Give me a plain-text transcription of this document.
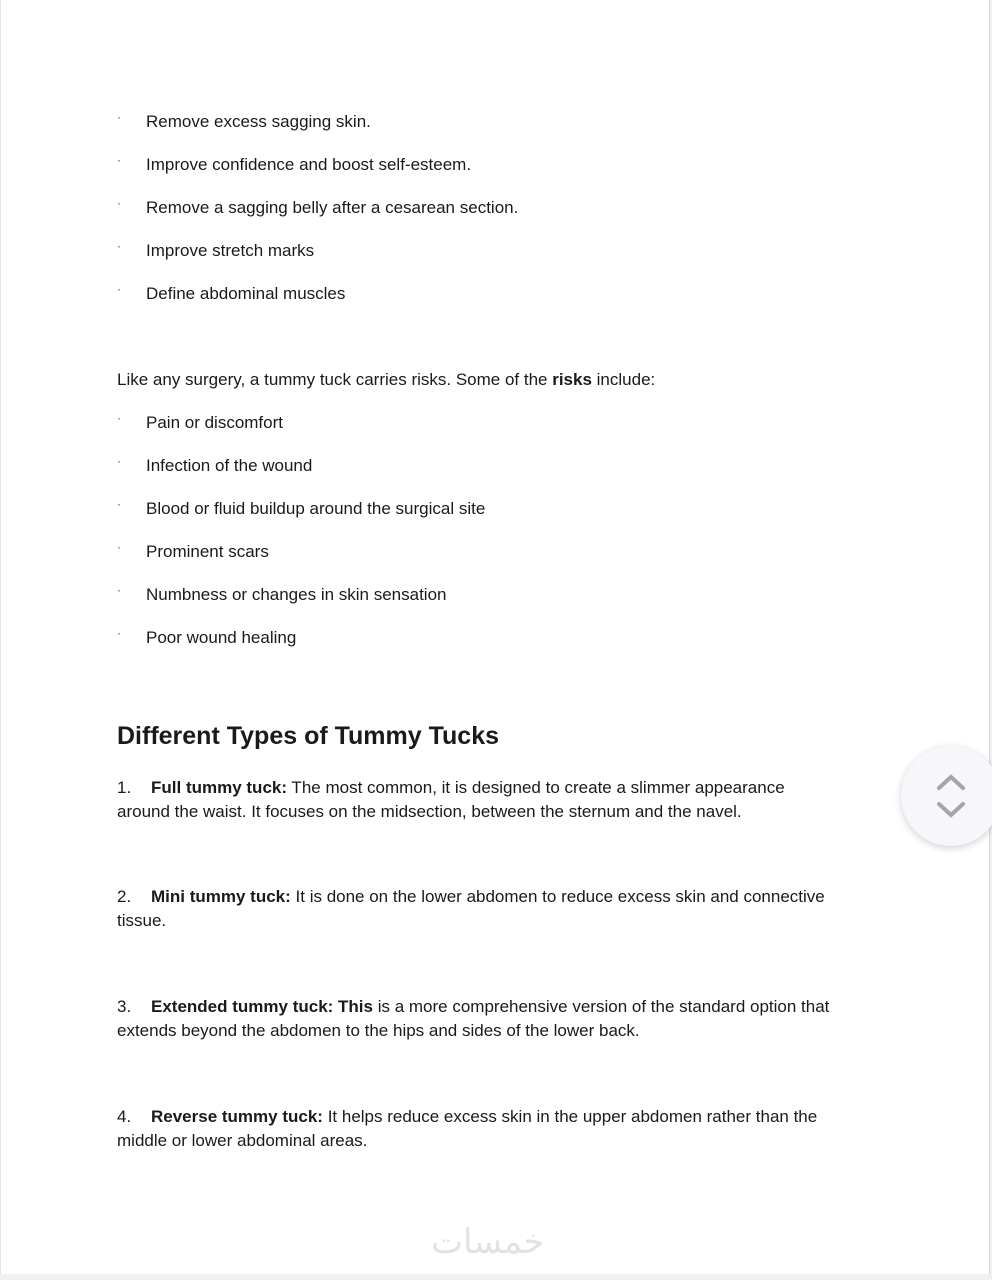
· Remove excess sagging skin.
· Improve confidence and boost self-esteem.
· Remove a sagging belly after a cesarean section.
· Improve stretch marks
· Define abdominal muscles
Like any surgery, a tummy tuck carries risks. Some of the risks include:
· Pain or discomfort
· Infection of the wound
· Blood or fluid buildup around the surgical site
· Prominent scars
· Numbness or changes in skin sensation
· Poor wound healing
Different Types of Tummy Tucks
1. Full tummy tuck: The most common, it is designed to create a slimmer appearance
around the waist. It focuses on the midsection, between the sternum and the navel.
2. Mini tummy tuck: It is done on the lower abdomen to reduce excess skin and connective
tissue.
3. Extended tummy tuck: This is a more comprehensive version of the standard option that
extends beyond the abdomen to the hips and sides of the lower back.
4. Reverse tummy tuck: It helps reduce excess skin in the upper abdomen rather than the
middle or lower abdominal areas.
خمسات
